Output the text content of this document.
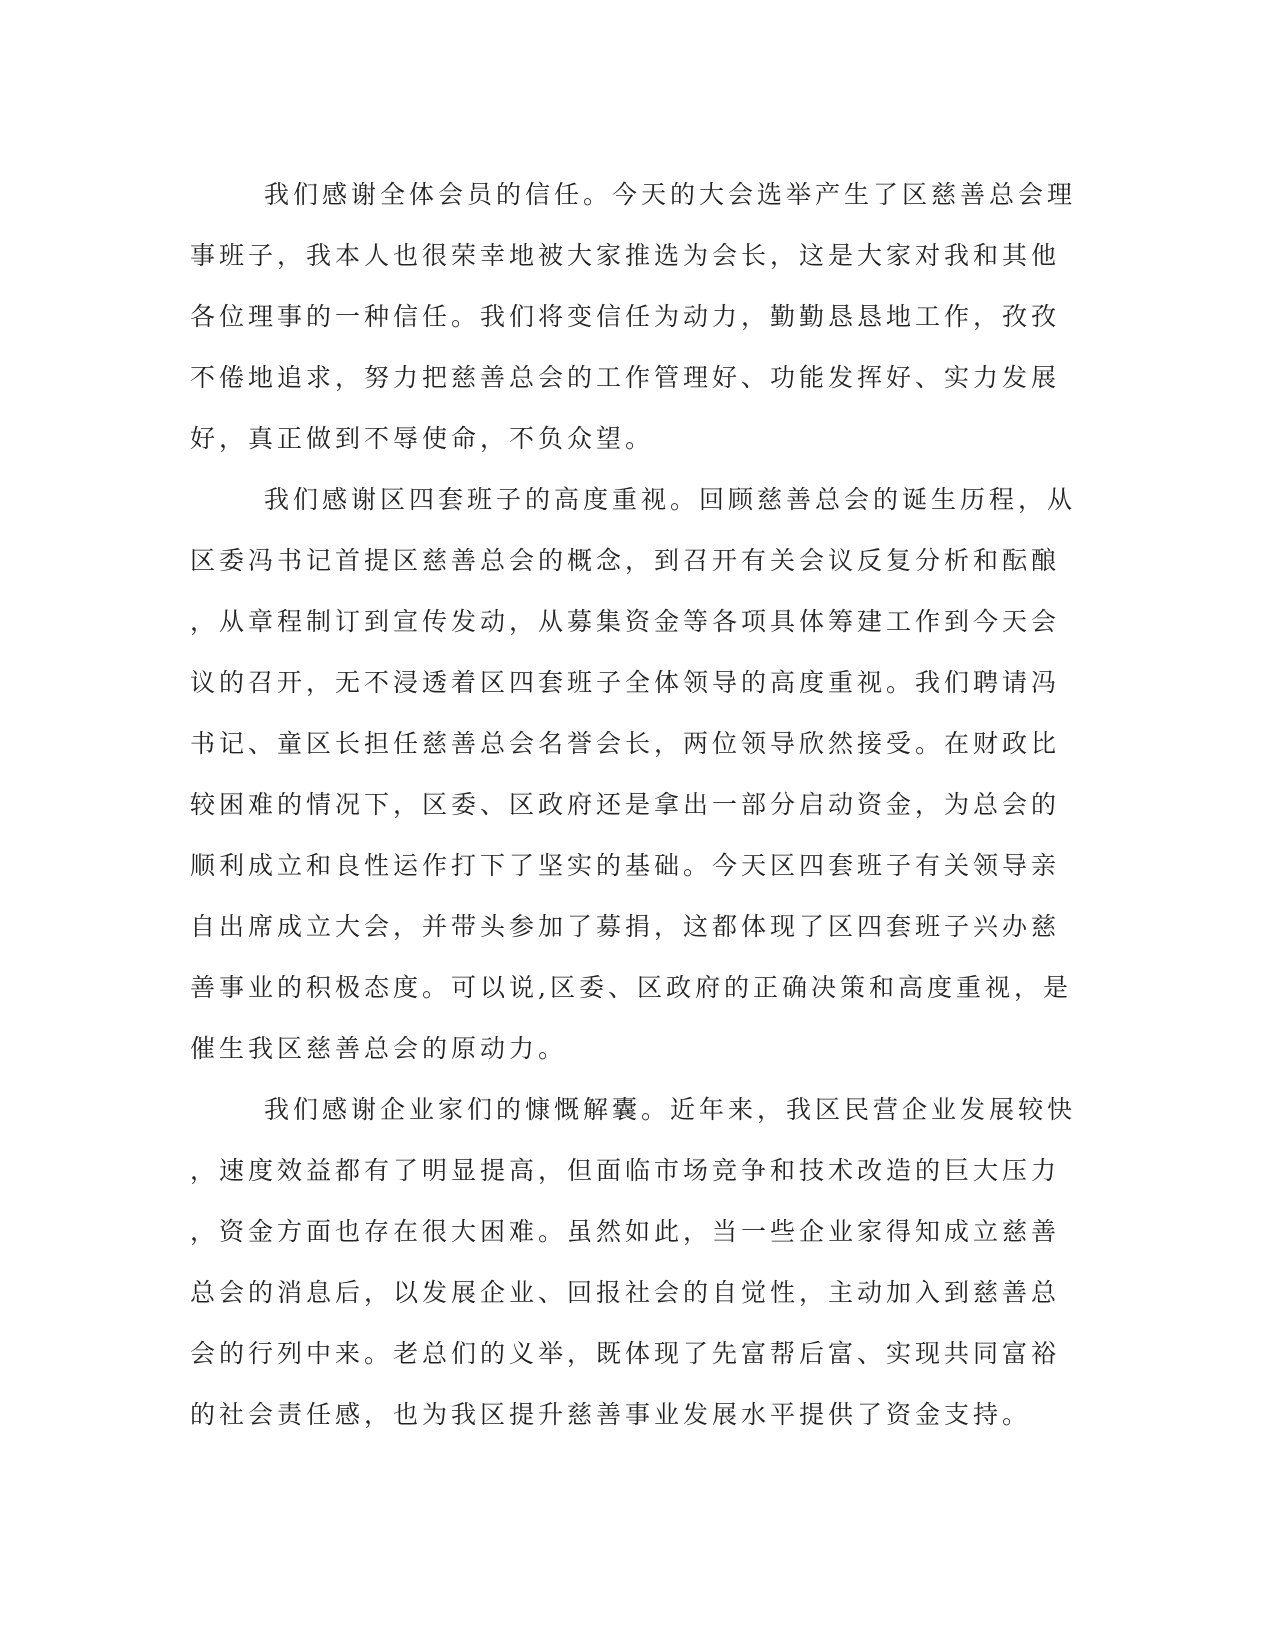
我们感谢全体会员的信任。今天的大会选举产生了区慈善总会理
事班子，我本人也很荣幸地被大家推选为会长，这是大家对我和其他
各位理事的一种信任。我们将变信任为动力，勤勤恳恳地工作，孜孜
不倦地追求，努力把慈善总会的工作管理好、功能发挥好、实力发展
好，真正做到不辱使命，不负众望。
我们感谢区四套班子的高度重视。回顾慈善总会的诞生历程，从
区委冯书记首提区慈善总会的概念，到召开有关会议反复分析和酝酿
，从章程制订到宣传发动，从募集资金等各项具体筹建工作到今天会
议的召开，无不浸透着区四套班子全体领导的高度重视。我们聘请冯
书记、童区长担任慈善总会名誉会长，两位领导欣然接受。在财政比
较困难的情况下，区委、区政府还是拿出一部分启动资金，为总会的
顺利成立和良性运作打下了坚实的基础。今天区四套班子有关领导亲
自出席成立大会，并带头参加了募捐，这都体现了区四套班子兴办慈
善事业的积极态度。可以说,区委、区政府的正确决策和高度重视，是
催生我区慈善总会的原动力。
我们感谢企业家们的慷慨解囊。近年来，我区民营企业发展较快
，速度效益都有了明显提高，但面临市场竞争和技术改造的巨大压力
，资金方面也存在很大困难。虽然如此，当一些企业家得知成立慈善
总会的消息后，以发展企业、回报社会的自觉性，主动加入到慈善总
会的行列中来。老总们的义举，既体现了先富帮后富、实现共同富裕
的社会责任感，也为我区提升慈善事业发展水平提供了资金支持。
